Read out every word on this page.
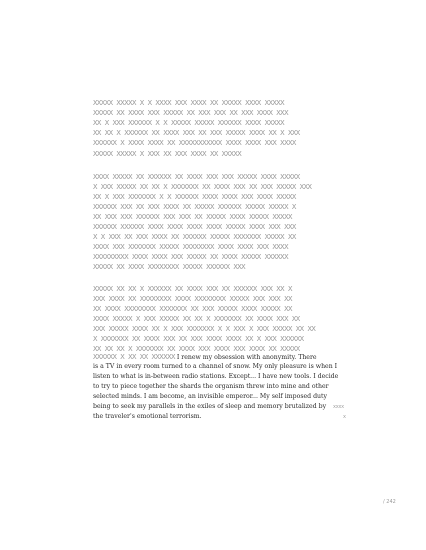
XXXXX XXXXX X X XXXX XXX XXXX XX XXXXX XXXX XXXXX
XXXXX XX XXXX XXX XXXXX XX XXX XXX XX XXX XXXX XXX
XX X XXX XXXXXX X X XXXXX XXXXX XXXXXX XXXX XXXXX
XX XX X XXXXXX XX XXXX XXX XX XXX XXXXX XXXX XX X XXX
XXXXXX X XXXX XXXX XX XXXXXXXXXXX XXXX XXXX XXX XXXX
XXXXX XXXXX X XXX XX XXX XXXX XX XXXXX
XXXX XXXXX XX XXXXXX XX XXXX XXX XXX XXXXX XXXX XXXXX
X XXX XXXXX XX XX X XXXXXXX XX XXXX XXX XX XXX XXXXX XXX
XX X XXX XXXXXXX X X XXXXXX XXXX XXXX XXX XXXX XXXXX
XXXXXX XXX XX XXX XXXX XX XXXXX XXXXXX XXXXX XXXXX X
XX XXX XXX XXXXXX XXX XXX XX XXXXX XXXX XXXXX XXXXX
XXXXXX XXXXXX XXXX XXXX XXXX XXXX XXXXX XXXX XXX XXX
X X XXX XX XXX XXXX XX XXXXXX XXXXX XXXXXXX XXXXX XX
XXXX XXX XXXXXXX XXXXX XXXXXXXX XXXX XXXX XXX XXXX
XXXXXXXXX XXXX XXXX XXX XXXXX XX XXXX XXXXX XXXXXX
XXXXX XX XXXX XXXXXXXX XXXXX XXXXXX XXX
XXXXX XX XX X XXXXXX XX XXXX XXX XX XXXXXX XXX XX X
XXX XXXX XX XXXXXXXX XXXX XXXXXXXX XXXXX XXX XXX XX
XX XXXX XXXXXXXX XXXXXXX XX XXX XXXXX XXXX XXXXX XX
XXXX XXXXX X XXX XXXXX XX XX X XXXXXXX XX XXXX XXX XX
XXX XXXXX XXXX XX X XXX XXXXXXX X X XXX X XXX XXXXX XX XX
X XXXXXXX XX XXXX XXX XX XXX XXXX XXXX XX X XXX XXXXXX
XX XX XX X XXXXXXX XX XXXX XXX XXXX XXX XXXX XX XXXXX
XXXXXX X XX XX XXXXXX I renew my obsession with anonymity. There
is a TV in every room turned to a channel of snow. My only pleasure is when I
listen to what is in-between radio stations. Except... I have new tools. I decide
to try to piece together the shards the organism threw into mine and other
selected minds. I am become, an invisible emperor... My self imposed duty
being to seek my parallels in the exiles of sleep and memory brutalized by
the traveler's emotional terrorism.
xxxx
x
/ 242
